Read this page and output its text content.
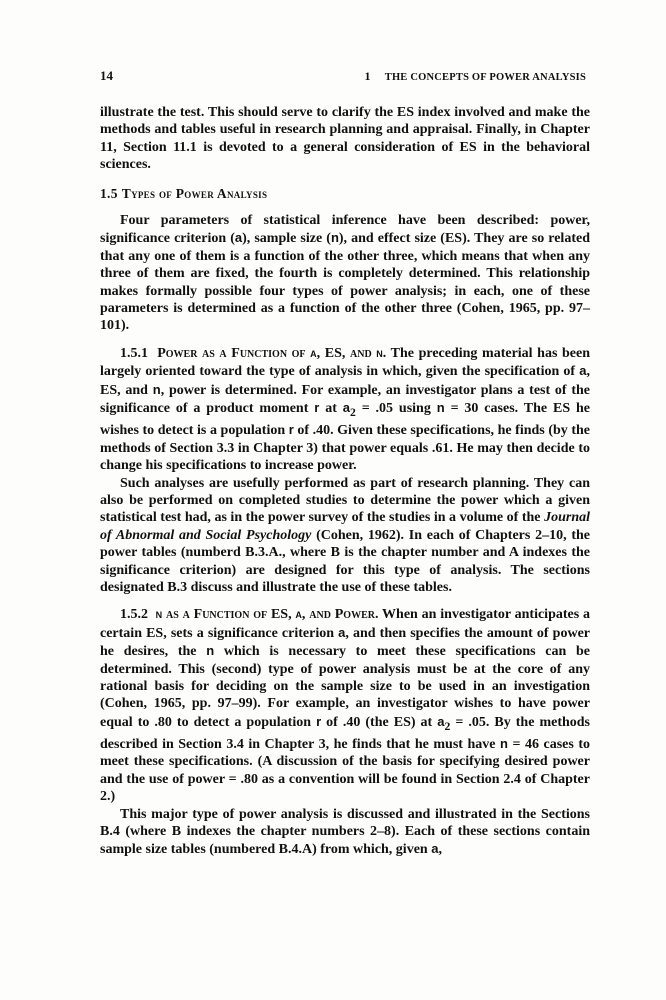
14	1 THE CONCEPTS OF POWER ANALYSIS

illustrate the test. This should serve to clarify the ES index involved and make the methods and tables useful in research planning and appraisal. Finally, in Chapter 11, Section 11.1 is devoted to a general consideration of ES in the behavioral sciences.

1.5 Types of Power Analysis

Four parameters of statistical inference have been described: power, significance criterion (a), sample size (n), and effect size (ES). They are so related that any one of them is a function of the other three, which means that when any three of them are fixed, the fourth is completely determined. This relationship makes formally possible four types of power analysis; in each, one of these parameters is determined as a function of the other three (Cohen, 1965, pp. 97–101).

1.5.1 Power as a Function of a, ES, and n. The preceding material has been largely oriented toward the type of analysis in which, given the specification of a, ES, and n, power is determined. For example, an investigator plans a test of the significance of a product moment r at $a_2 = .05$ using n = 30 cases. The ES he wishes to detect is a population r of .40. Given these specifications, he finds (by the methods of Section 3.3 in Chapter 3) that power equals .61. He may then decide to change his specifications to increase power.

Such analyses are usefully performed as part of research planning. They can also be performed on completed studies to determine the power which a given statistical test had, as in the power survey of the studies in a volume of the Journal of Abnormal and Social Psychology (Cohen, 1962). In each of Chapters 2–10, the power tables (numberd B.3.A., where B is the chapter number and A indexes the significance criterion) are designed for this type of analysis. The sections designated B.3 discuss and illustrate the use of these tables.

1.5.2 n as a Function of ES, a, and Power. When an investigator anticipates a certain ES, sets a significance criterion a, and then specifies the amount of power he desires, the n which is necessary to meet these specifications can be determined. This (second) type of power analysis must be at the core of any rational basis for deciding on the sample size to be used in an investigation (Cohen, 1965, pp. 97–99). For example, an investigator wishes to have power equal to .80 to detect a population r of .40 (the ES) at $a_2 = .05$. By the methods described in Section 3.4 in Chapter 3, he finds that he must have n = 46 cases to meet these specifications. (A discussion of the basis for specifying desired power and the use of power = .80 as a convention will be found in Section 2.4 of Chapter 2.)

This major type of power analysis is discussed and illustrated in the Sections B.4 (where B indexes the chapter numbers 2–8). Each of these sections contain sample size tables (numbered B.4.A) from which, given a,
